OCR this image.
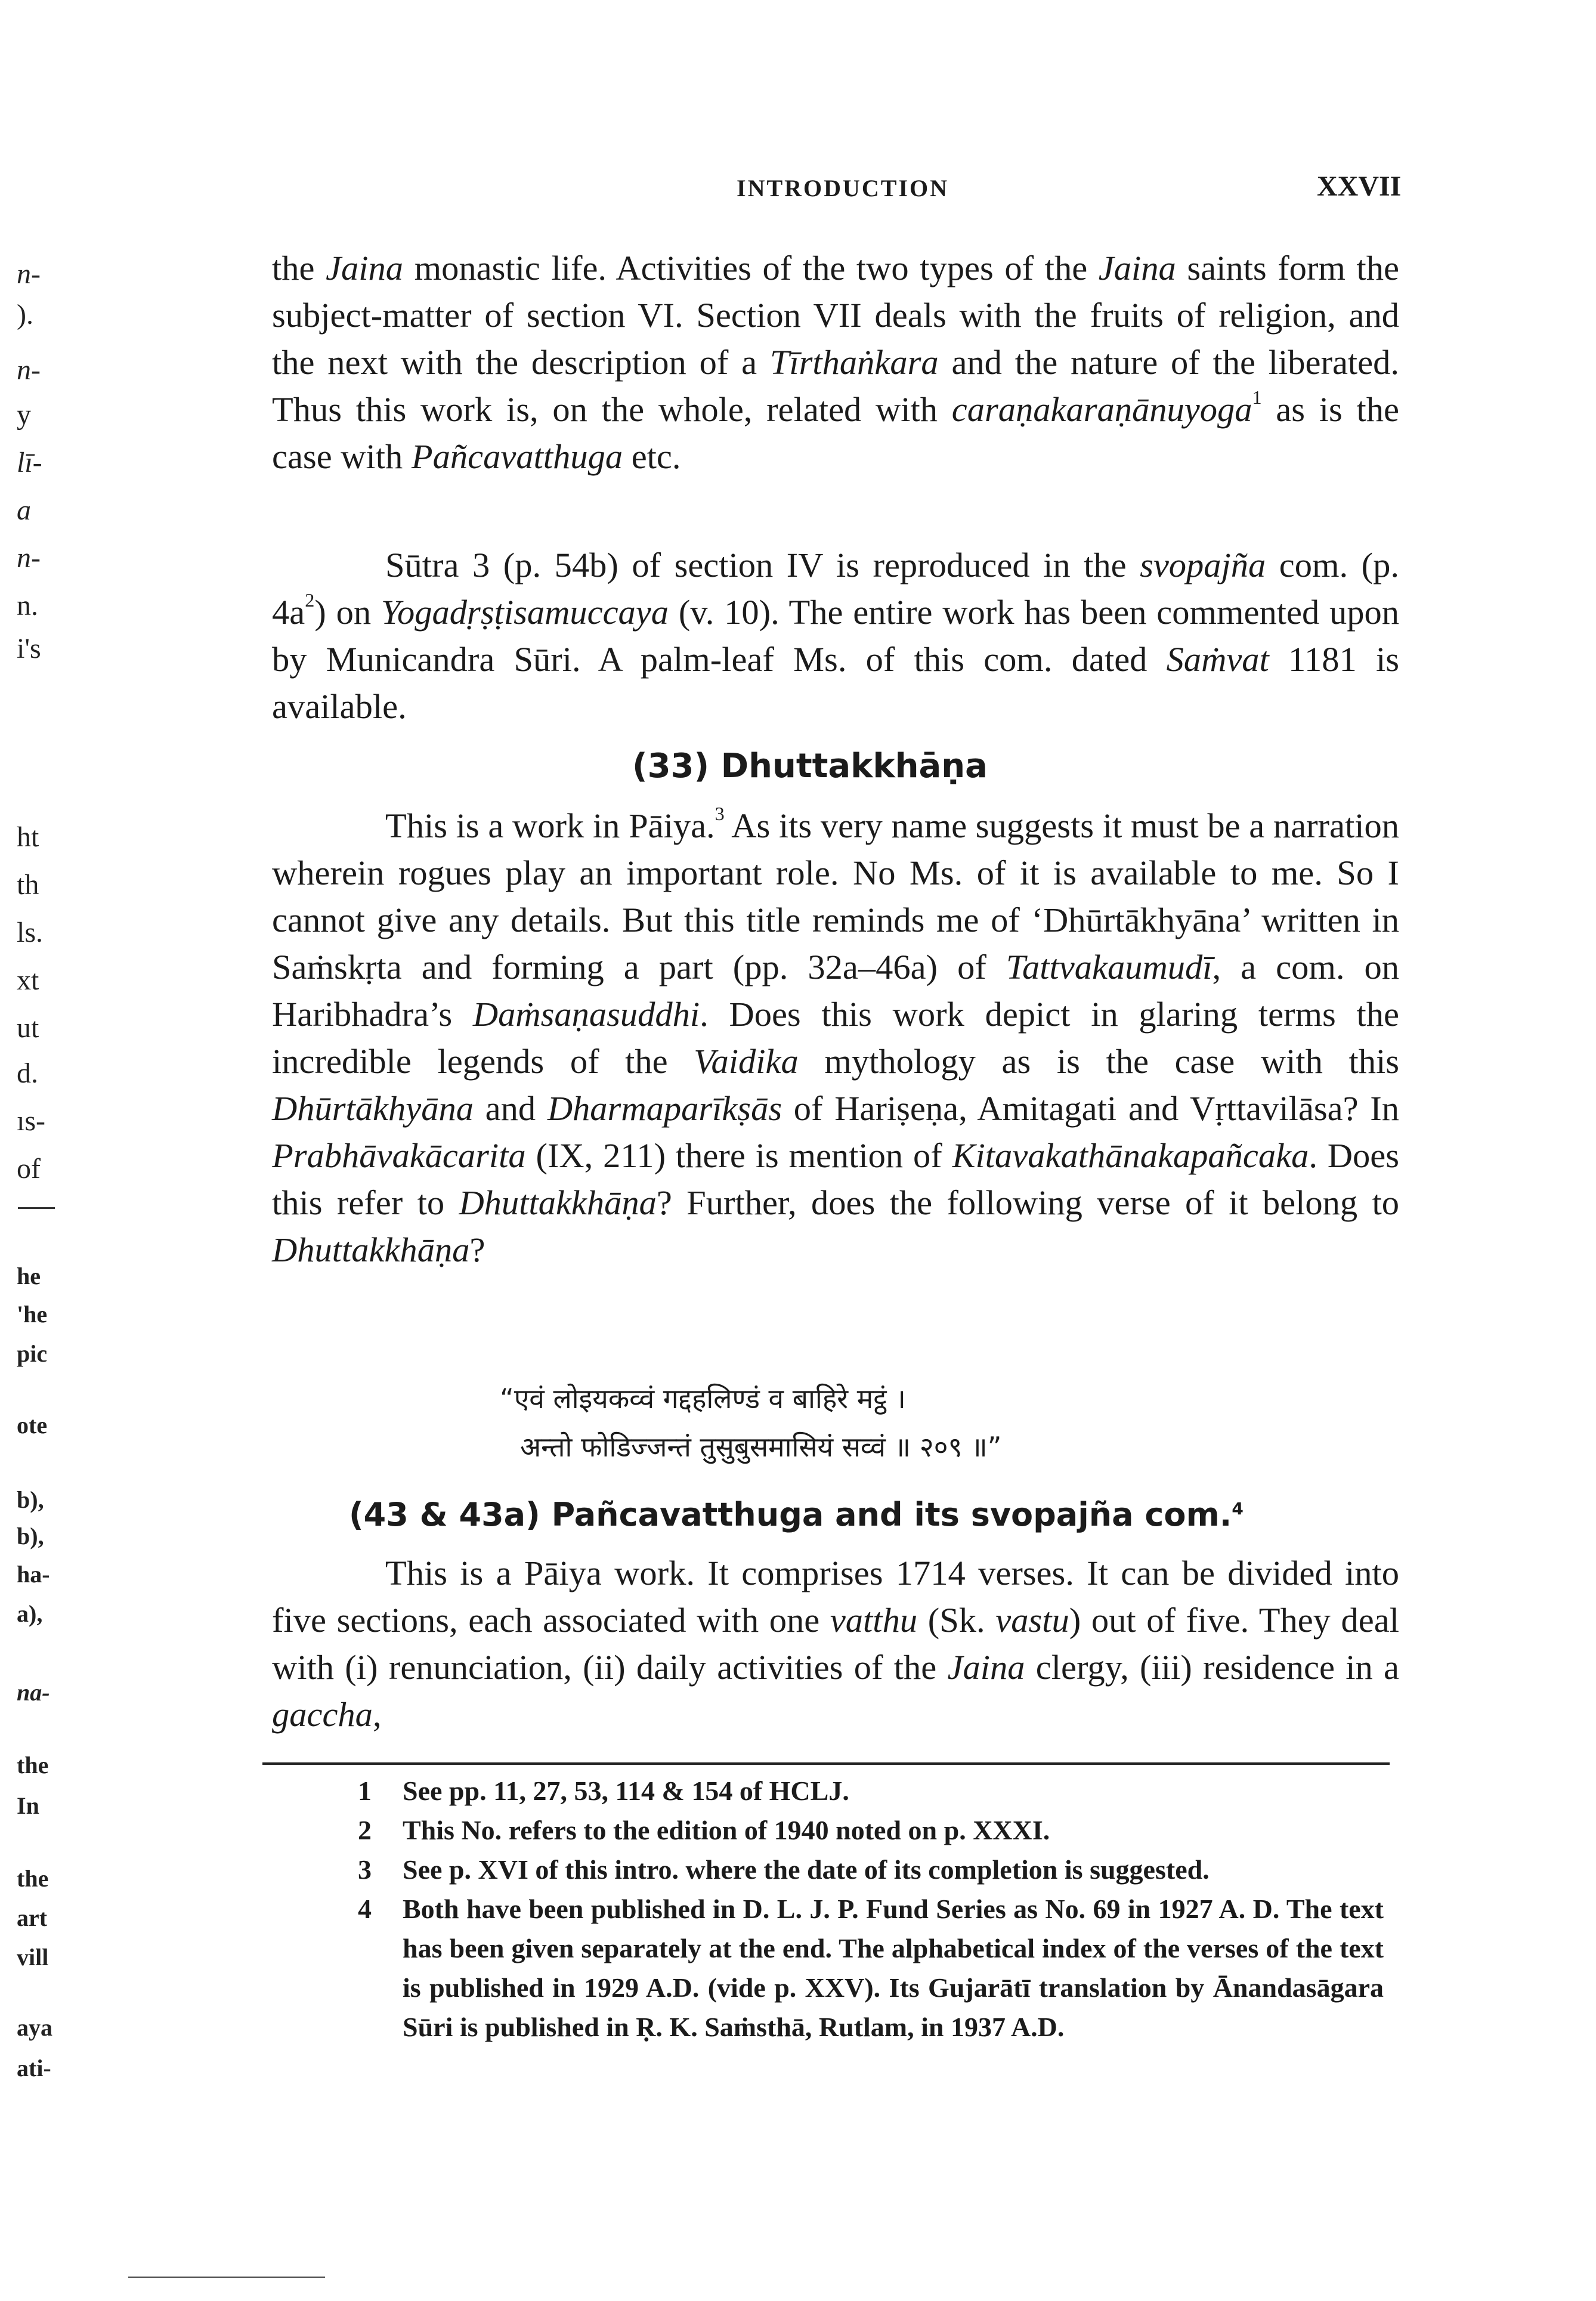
INTRODUCTION	XXVII
n-
).
n-
y
lī-
a
n-
n.
i's
ht
th
ls.
xt
ut
d.
ıs-
of
he
'he
pic
ote
b),
b),
ha-
a),
na-
the
In
the
art
vill
aya
ati-

the Jaina monastic life. Activities of the two types of the Jaina saints form the subject-matter of section VI. Section VII deals with the fruits of religion, and the next with the description of a Tīrthaṅkara and the nature of the liberated. Thus this work is, on the whole, related with caraṇakaraṇānuyoga$^1$ as is the case with Pañcavatthuga etc.

Sūtra 3 (p. 54b) of section IV is reproduced in the svopajña com. (p. $4a^2$) on Yogadṛṣṭisamuccaya (v. 10). The entire work has been commented upon by Municandra Sūri. A palm-leaf Ms. of this com. dated Saṁvat 1181 is available.

(33) Dhuttakkhāṇa

This is a work in Pāiya.$^3$ As its very name suggests it must be a narration wherein rogues play an important role. No Ms. of it is available to me. So I cannot give any details. But this title reminds me of ‘Dhūrtākhyāna’ written in Saṁskṛta and forming a part (pp. 32a–46a) of Tattvakaumudī, a com. on Haribhadra’s Daṁsaṇasuddhi. Does this work depict in glaring terms the incredible legends of the Vaidika mythology as is the case with this Dhūrtākhyāna and Dharmaparīkṣās of Hariṣeṇa, Amitagati and Vṛttavilāsa? In Prabhāvakācarita (IX, 211) there is mention of Kitavakathānakapañcaka. Does this refer to Dhuttakkhāṇa? Further, does the following verse of it belong to Dhuttakkhāṇa?

“एवं लोइयकव्वं गद्दहलिण्डं व बाहिरे मट्ठं ।
अन्तो फोडिज्जन्तं तुसुबुसमासियं सव्वं ॥ २०९ ॥”
(43 & 43a) Pañcavatthuga and its svopajña com.$^4$

This is a Pāiya work. It comprises 1714 verses. It can be divided into five sections, each associated with one vatthu (Sk. vastu) out of five. They deal with (i) renunciation, (ii) daily activities of the Jaina clergy, (iii) residence in a gaccha,

1 See pp. 11, 27, 53, 114 & 154 of HCLJ.
2 This No. refers to the edition of 1940 noted on p. XXXI.
3 See p. XVI of this intro. where the date of its completion is suggested.
4 Both have been published in D. L. J. P. Fund Series as No. 69 in 1927 A. D. The text has been given separately at the end. The alphabetical index of the verses of the text is published in 1929 A.D. (vide p. XXV). Its Gujarātī translation by Ānandasāgara Sūri is published in Ṛ. K. Saṁsthā, Rutlam, in 1937 A.D.
